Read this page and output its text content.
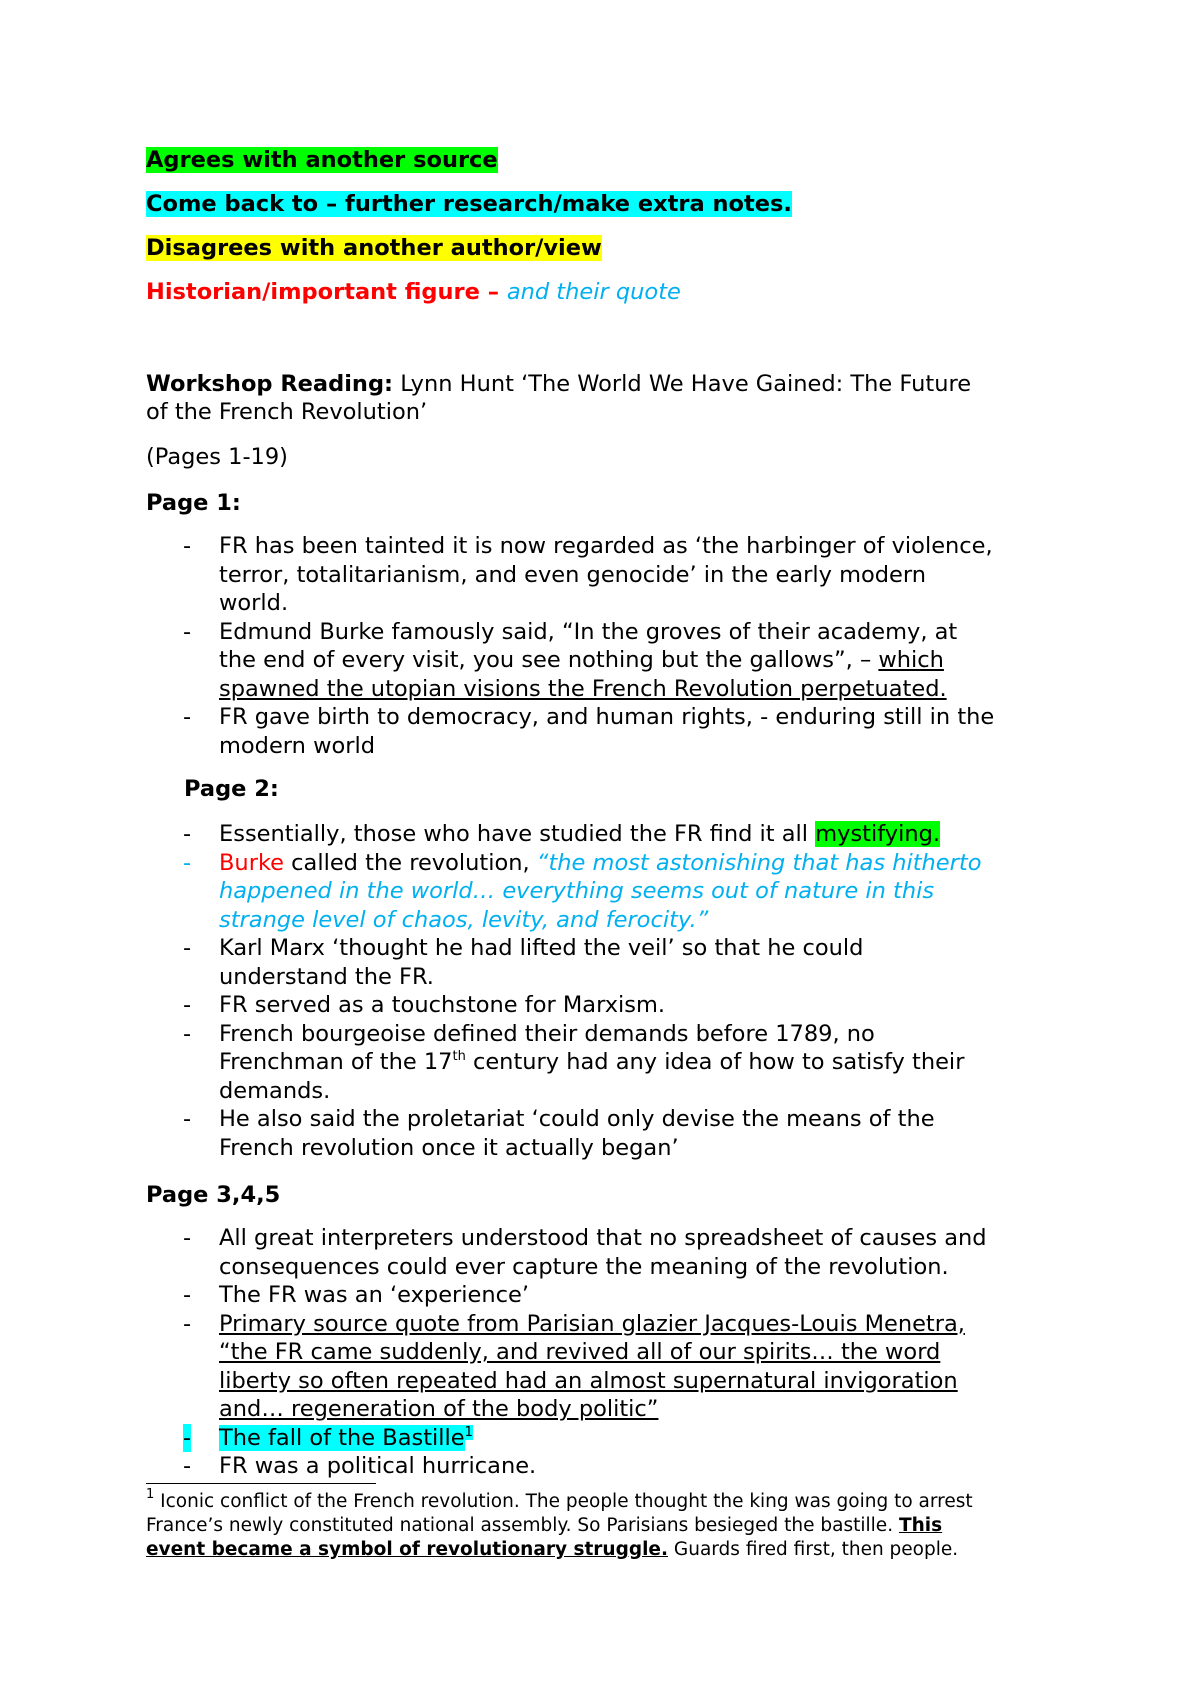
Agrees with another source
Come back to – further research/make extra notes.
Disagrees with another author/view
Historian/important figure – and their quote
Workshop Reading: Lynn Hunt ‘The World We Have Gained: The Future
of the French Revolution’
(Pages 1-19)
Page 1:
- FR has been tainted it is now regarded as ‘the harbinger of violence,
terror, totalitarianism, and even genocide’ in the early modern
world.
- Edmund Burke famously said, “In the groves of their academy, at
the end of every visit, you see nothing but the gallows”, – which
spawned the utopian visions the French Revolution perpetuated.
- FR gave birth to democracy, and human rights, - enduring still in the
modern world
Page 2:
- Essentially, those who have studied the FR find it all mystifying.
- Burke called the revolution, “the most astonishing that has hitherto
happened in the world… everything seems out of nature in this
strange level of chaos, levity, and ferocity.”
- Karl Marx ‘thought he had lifted the veil’ so that he could
understand the FR.
- FR served as a touchstone for Marxism.
- French bourgeoise defined their demands before 1789, no
Frenchman of the 17th century had any idea of how to satisfy their
demands.
- He also said the proletariat ‘could only devise the means of the
French revolution once it actually began’
Page 3,4,5
- All great interpreters understood that no spreadsheet of causes and
consequences could ever capture the meaning of the revolution.
- The FR was an ‘experience’
- Primary source quote from Parisian glazier Jacques-Louis Menetra,
“the FR came suddenly, and revived all of our spirits… the word
liberty so often repeated had an almost supernatural invigoration
and… regeneration of the body politic”
- The fall of the Bastille$^1$
- FR was a political hurricane.
$^1$ Iconic conflict of the French revolution. The people thought the king was going to arrest
France’s newly constituted national assembly. So Parisians besieged the bastille. This
event became a symbol of revolutionary struggle. Guards fired first, then people.
